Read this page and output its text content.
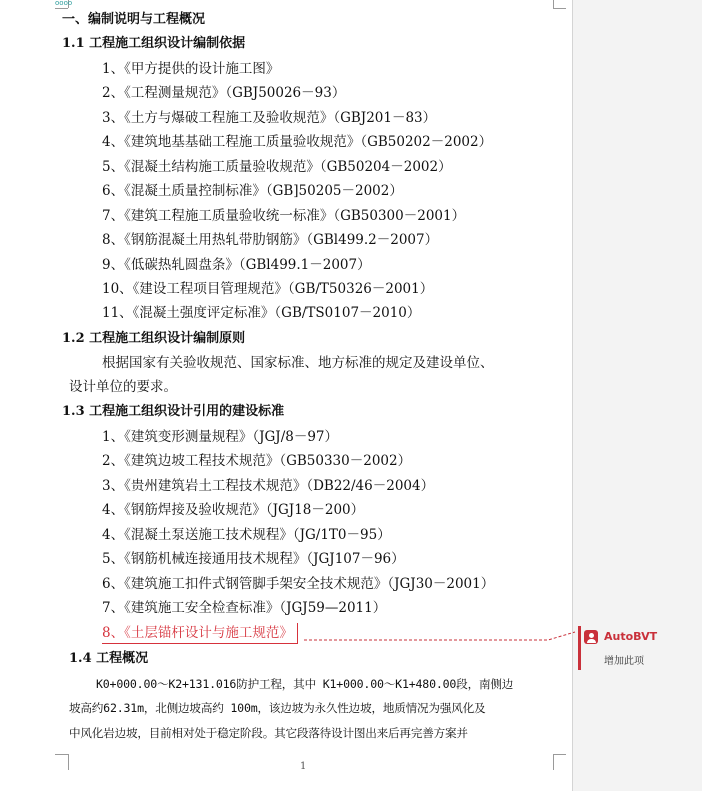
oooo
一、编制说明与工程概况
1.1 工程施工组织设计编制依据
1、《甲方提供的设计施工图》
2、《工程测量规范》（GBJ50026－93）
3、《土方与爆破工程施工及验收规范》（GBJ201－83）
4、《建筑地基基础工程施工质量验收规范》（GB50202－2002）
5、《混凝土结构施工质量验收规范》（GB50204－2002）
6、《混凝土质量控制标准》（GB]50205－2002）
7、《建筑工程施工质量验收统一标准》（GB50300－2001）
8、《钢筋混凝土用热轧带肋钢筋》（GBl499.2－2007）
9、《低碳热轧圆盘条》（GBl499.1－2007）
10、《建设工程项目管理规范》（GB/T50326－2001）
11、《混凝土强度评定标准》（GB/TS0107－2010）
1.2 工程施工组织设计编制原则
根据国家有关验收规范、国家标准、地方标准的规定及建设单位、
设计单位的要求。
1.3 工程施工组织设计引用的建设标准
1、《建筑变形测量规程》（JGJ/8－97）
2、《建筑边坡工程技术规范》（GB50330－2002）
3、《贵州建筑岩土工程技术规范》（DB22/46－2004）
4、《钢筋焊接及验收规范》（JGJ18－200）
4、《混凝土泵送施工技术规程》（JG/1T0－95）
5、《钢筋机械连接通用技术规程》（JGJ107－96）
6、《建筑施工扣件式钢管脚手架安全技术规范》（JGJ30－2001）
7、《建筑施工安全检查标准》（JGJ59—2011）
8、《土层锚杆设计与施工规范》
1.4 工程概况
K0+000.00～K2+131.016防护工程，其中 K1+000.00～K1+480.00段，南侧边
坡高约62.31m，北侧边坡高约 100m，该边坡为永久性边坡，地质情况为强风化及
中风化岩边坡，目前相对处于稳定阶段。其它段落待设计图出来后再完善方案并
1
AutoBVT
增加此项
